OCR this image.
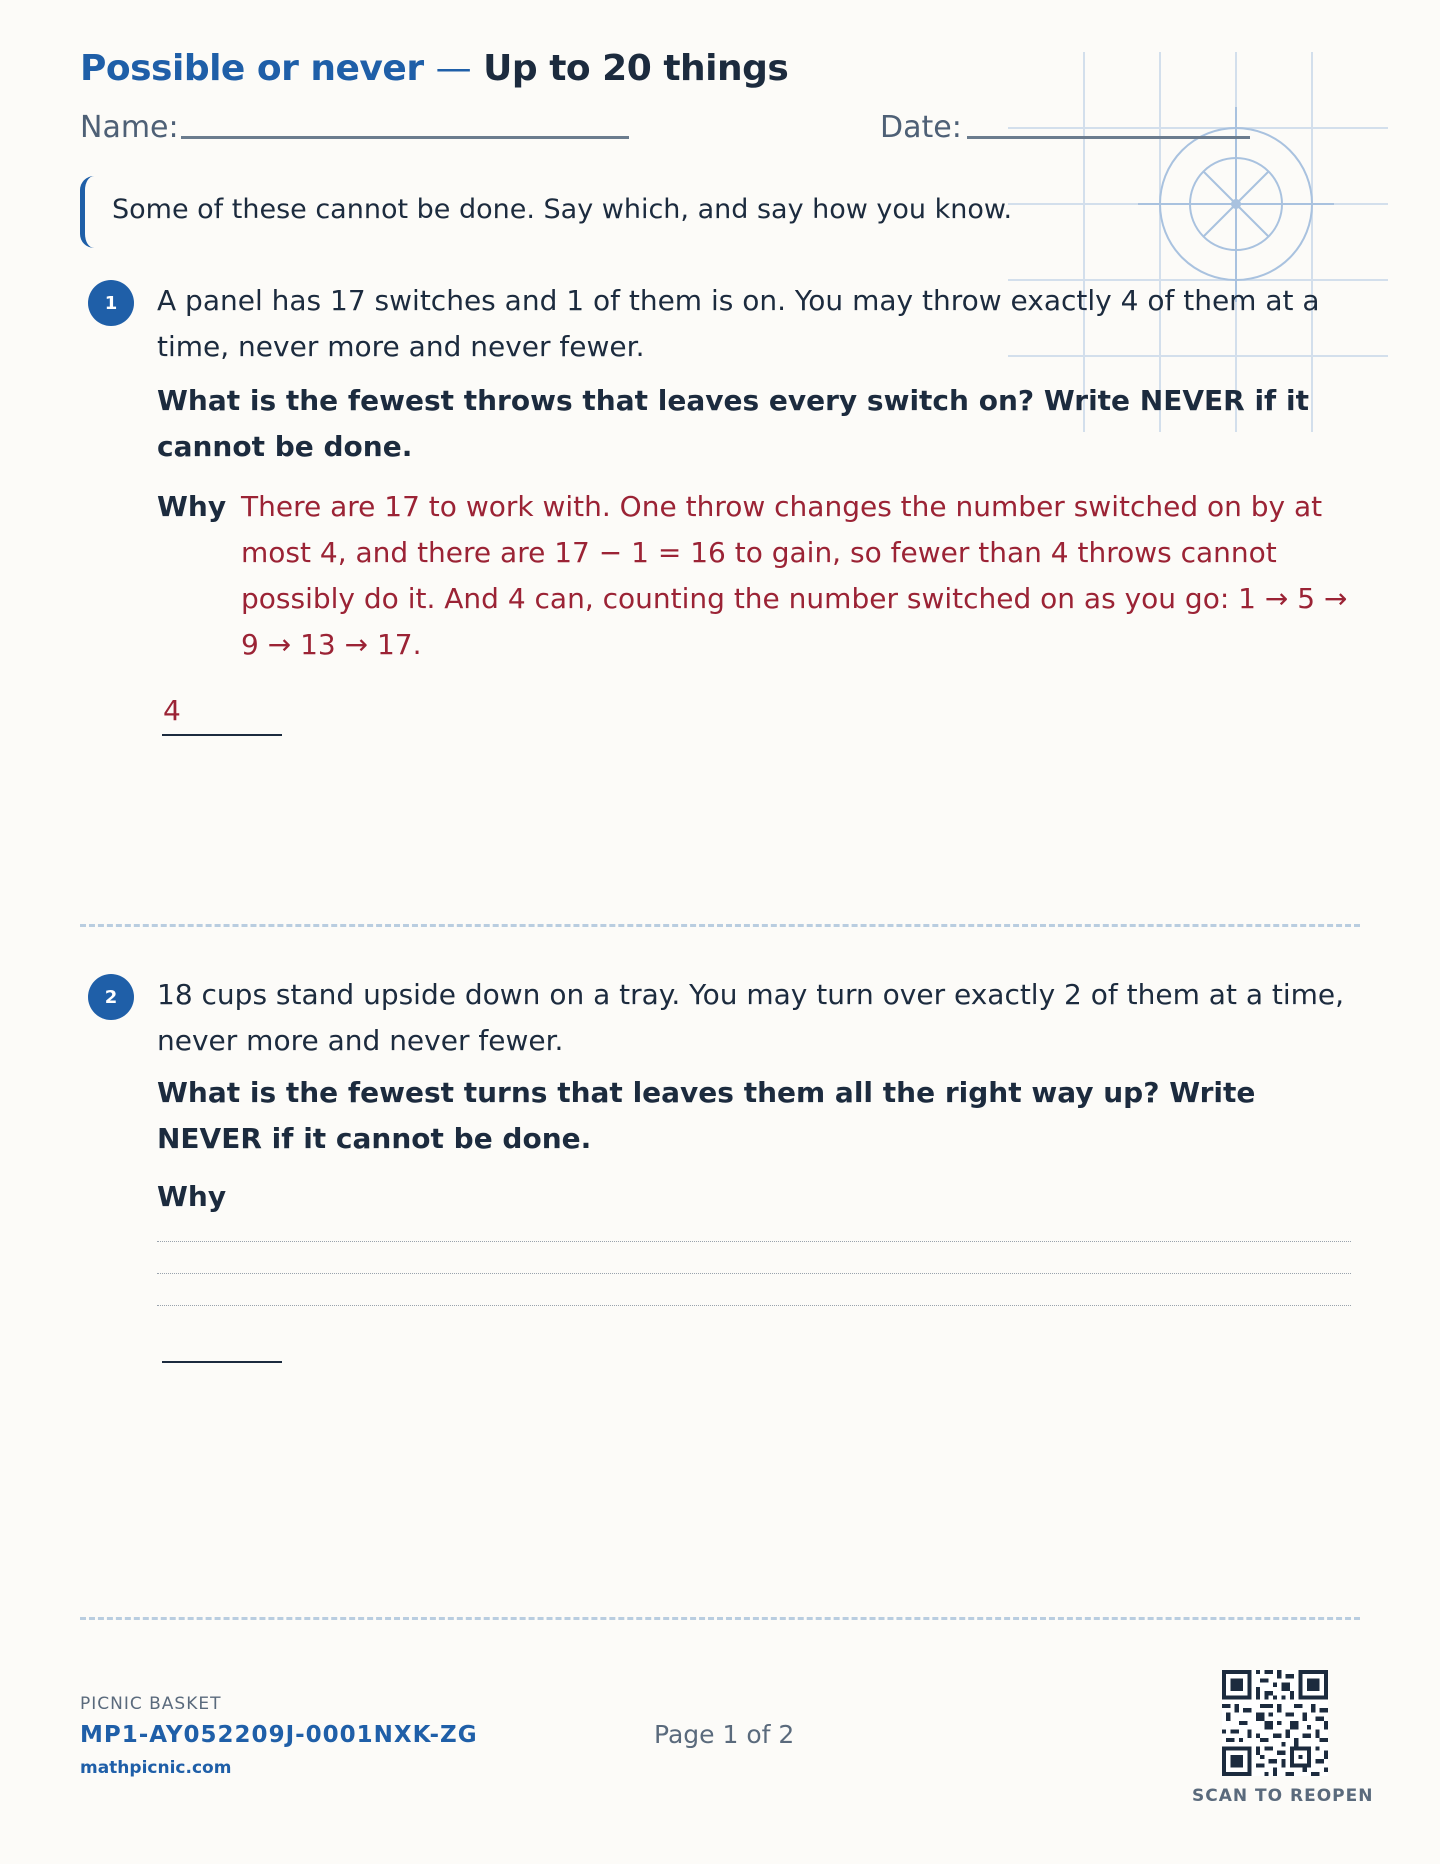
Possible or never — Up to 20 things
Name:	Date:
Some of these cannot be done. Say which, and say how you know.
1	A panel has 17 switches and 1 of them is on. You may throw exactly 4 of them at a time, never more and never fewer.
What is the fewest throws that leaves every switch on? Write NEVER if it cannot be done.
Why There are 17 to work with. One throw changes the number switched on by at most 4, and there are 17 − 1 = 16 to gain, so fewer than 4 throws cannot possibly do it. And 4 can, counting the number switched on as you go: 1 → 5 → 9 → 13 → 17.
4
2	18 cups stand upside down on a tray. You may turn over exactly 2 of them at a time, never more and never fewer.
What is the fewest turns that leaves them all the right way up? Write NEVER if it cannot be done.
Why
PICNIC BASKET
MP1-AY052209J-0001NXK-ZG
mathpicnic.com
Page 1 of 2
SCAN TO REOPEN
